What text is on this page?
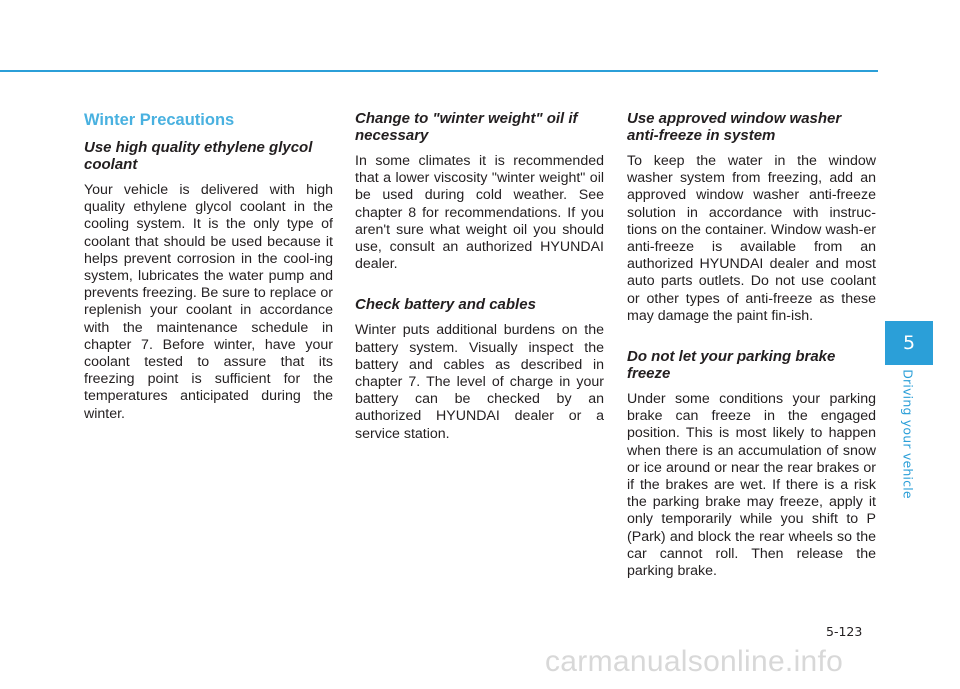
Winter Precautions
Use high quality ethylene glycol coolant
Your vehicle is delivered with high quality ethylene glycol coolant in the cooling system. It is the only type of coolant that should be used because it helps prevent corrosion in the cool-ing system, lubricates the water pump and prevents freezing. Be sure to replace or replenish your coolant in accordance with the maintenance schedule in chapter 7. Before winter, have your coolant tested to assure that its freezing point is sufficient for the temperatures anticipated during the winter.
Change to "winter weight" oil if necessary
In some climates it is recommended that a lower viscosity "winter weight" oil be used during cold weather. See chapter 8 for recommendations. If you aren't sure what weight oil you should use, consult an authorized HYUNDAI dealer.
Check battery and cables
Winter puts additional burdens on the battery system. Visually inspect the battery and cables as described in chapter 7. The level of charge in your battery can be checked by an authorized HYUNDAI dealer or a service station.
Use approved window washer anti-freeze in system
To keep the water in the window washer system from freezing, add an approved window washer anti-freeze solution in accordance with instruc-tions on the container. Window wash-er anti-freeze is available from an authorized HYUNDAI dealer and most auto parts outlets. Do not use coolant or other types of anti-freeze as these may damage the paint fin-ish.
Do not let your parking brake freeze
Under some conditions your parking brake can freeze in the engaged position. This is most likely to happen when there is an accumulation of snow or ice around or near the rear brakes or if the brakes are wet. If there is a risk the parking brake may freeze, apply it only temporarily while you shift to P (Park) and block the rear wheels so the car cannot roll. Then release the parking brake.
5
Driving your vehicle
5-123
carmanualsonline.info
